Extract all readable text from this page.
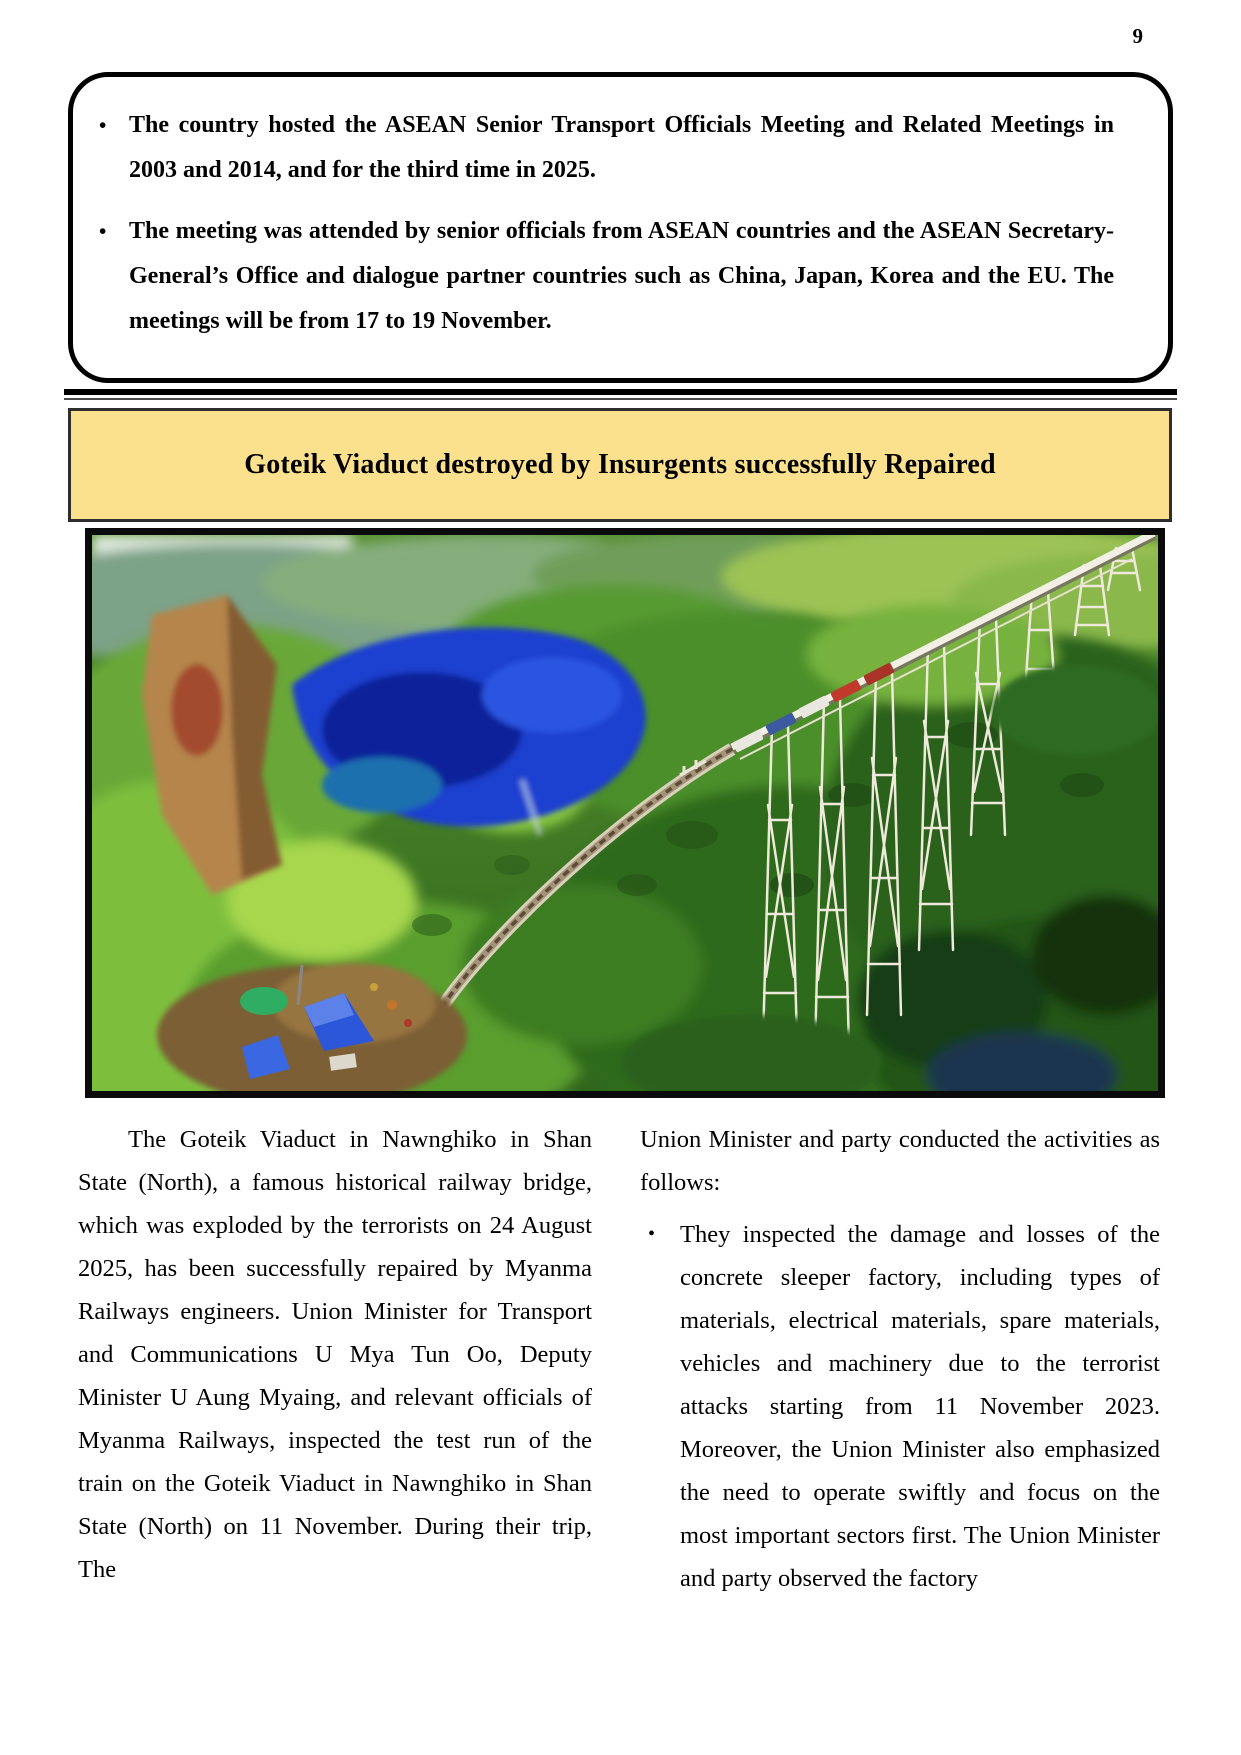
9
• The country hosted the ASEAN Senior Transport Officials Meeting and Related Meetings in 2003 and 2014, and for the third time in 2025.
• The meeting was attended by senior officials from ASEAN countries and the ASEAN Secretary-General’s Office and dialogue partner countries such as China, Japan, Korea and the EU. The meetings will be from 17 to 19 November.
Goteik Viaduct destroyed by Insurgents successfully Repaired

The Goteik Viaduct in Nawnghiko in Shan State (North), a famous historical railway bridge, which was exploded by the terrorists on 24 August 2025, has been successfully repaired by Myanma Railways engineers. Union Minister for Transport and Communications U Mya Tun Oo, Deputy Minister U Aung Myaing, and relevant officials of Myanma Railways, inspected the test run of the train on the Goteik Viaduct in Nawnghiko in Shan State (North) on 11 November. During their trip, The

Union Minister and party conducted the activities as follows:

•	They inspected the damage and losses of the concrete sleeper factory, including types of materials, electrical materials, spare materials, vehicles and machinery due to the terrorist attacks starting from 11 November 2023. Moreover, the Union Minister also emphasized the need to operate swiftly and focus on the most important sectors first. The Union Minister and party observed the factory
